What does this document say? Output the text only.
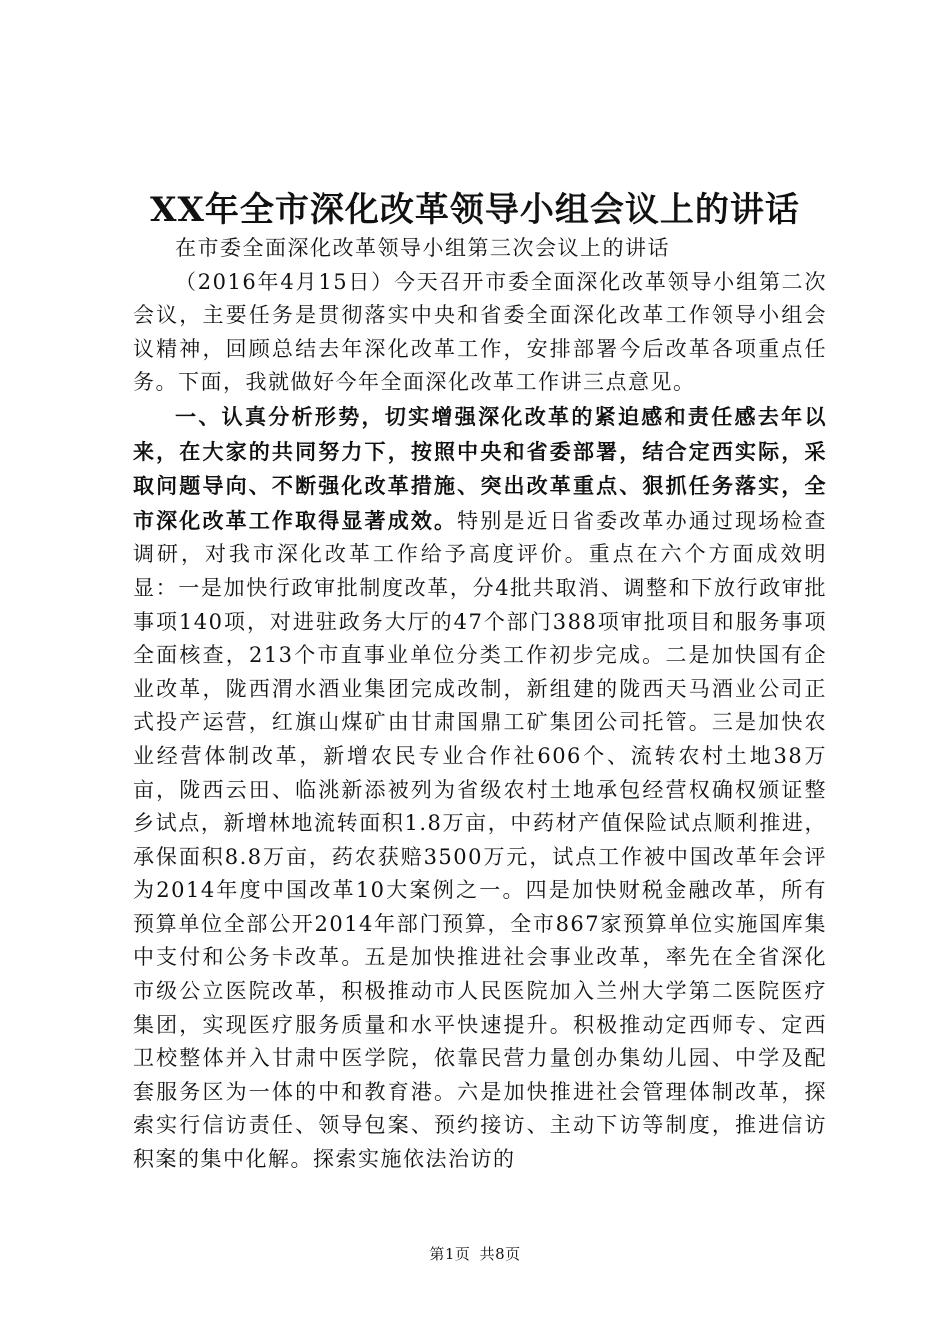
XX年全市深化改革领导小组会议上的讲话

在市委全面深化改革领导小组第三次会议上的讲话

（2016年4月15日）今天召开市委全面深化改革领导小组第二次会议，主要任务是贯彻落实中央和省委全面深化改革工作领导小组会议精神，回顾总结去年深化改革工作，安排部署今后改革各项重点任务。下面，我就做好今年全面深化改革工作讲三点意见。

一、认真分析形势，切实增强深化改革的紧迫感和责任感去年以来，在大家的共同努力下，按照中央和省委部署，结合定西实际，采取问题导向、不断强化改革措施、突出改革重点、狠抓任务落实，全市深化改革工作取得显著成效。特别是近日省委改革办通过现场检查调研，对我市深化改革工作给予高度评价。重点在六个方面成效明显：一是加快行政审批制度改革，分4批共取消、调整和下放行政审批事项140项，对进驻政务大厅的47个部门388项审批项目和服务事项全面核查，213个市直事业单位分类工作初步完成。二是加快国有企业改革，陇西渭水酒业集团完成改制，新组建的陇西天马酒业公司正式投产运营，红旗山煤矿由甘肃国鼎工矿集团公司托管。三是加快农业经营体制改革，新增农民专业合作社606个、流转农村土地38万亩，陇西云田、临洮新添被列为省级农村土地承包经营权确权颁证整乡试点，新增林地流转面积1.8万亩，中药材产值保险试点顺利推进，承保面积8.8万亩，药农获赔3500万元，试点工作被中国改革年会评为2014年度中国改革10大案例之一。四是加快财税金融改革，所有预算单位全部公开2014年部门预算，全市867家预算单位实施国库集中支付和公务卡改革。五是加快推进社会事业改革，率先在全省深化市级公立医院改革，积极推动市人民医院加入兰州大学第二医院医疗集团，实现医疗服务质量和水平快速提升。积极推动定西师专、定西卫校整体并入甘肃中医学院，依靠民营力量创办集幼儿园、中学及配套服务区为一体的中和教育港。六是加快推进社会管理体制改革，探索实行信访责任、领导包案、预约接访、主动下访等制度，推进信访积案的集中化解。探索实施依法治访的

第1页 共8页
